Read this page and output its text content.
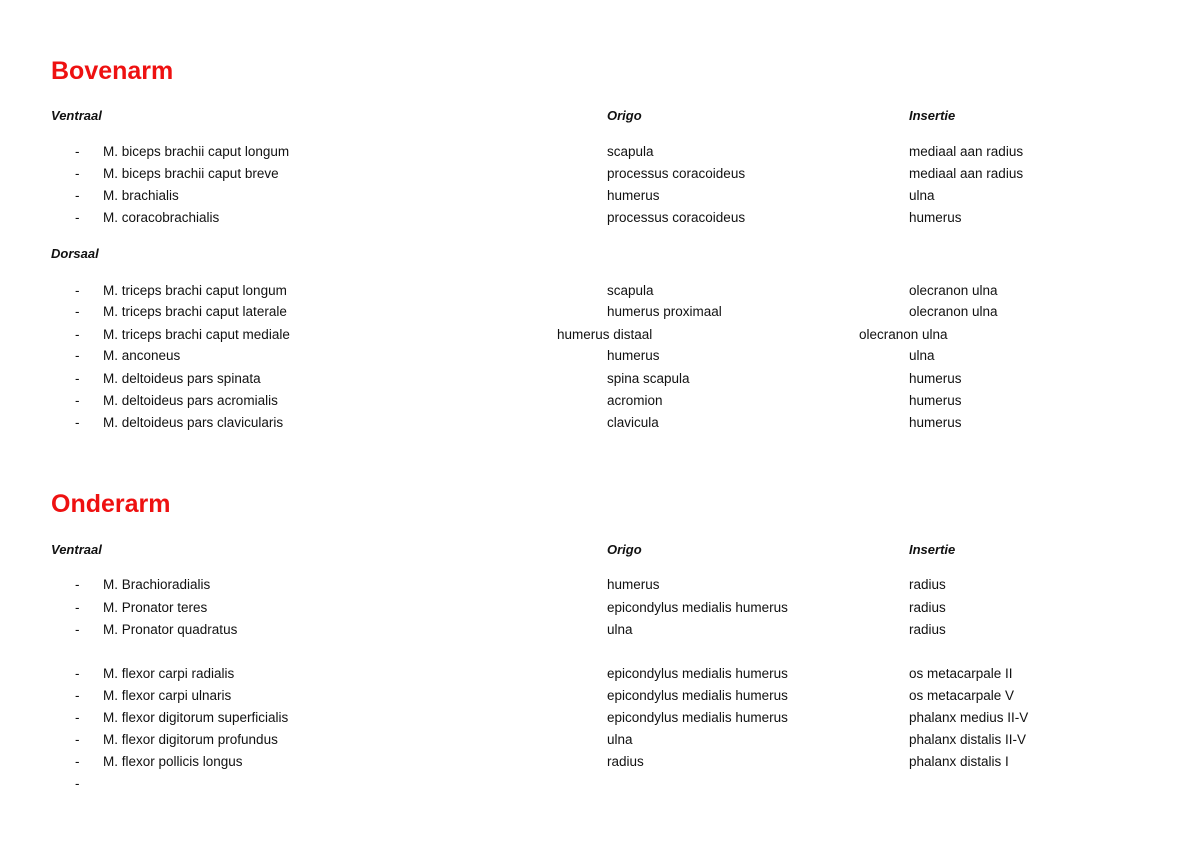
Bovenarm
Ventraal	Origo	Insertie
- M. biceps brachii caput longum	scapula	mediaal aan radius
- M. biceps brachii caput breve	processus coracoideus	mediaal aan radius
- M. brachialis	humerus	ulna
- M. coracobrachialis	processus coracoideus	humerus
Dorsaal
- M. triceps brachi caput longum	scapula	olecranon ulna
- M. triceps brachi caput laterale	humerus proximaal	olecranon ulna
- M. triceps brachi caput mediale	humerus distaal	olecranon ulna
- M. anconeus	humerus	ulna
- M. deltoideus pars spinata	spina scapula	humerus
- M. deltoideus pars acromialis	acromion	humerus
- M. deltoideus pars clavicularis	clavicula	humerus
Onderarm
Ventraal	Origo	Insertie
- M. Brachioradialis	humerus	radius
- M. Pronator teres	epicondylus medialis humerus	radius
- M. Pronator quadratus	ulna	radius
- M. flexor carpi radialis	epicondylus medialis humerus	os metacarpale II
- M. flexor carpi ulnaris	epicondylus medialis humerus	os metacarpale V
- M. flexor digitorum superficialis	epicondylus medialis humerus	phalanx medius II-V
- M. flexor digitorum profundus	ulna	phalanx distalis II-V
- M. flexor pollicis longus	radius	phalanx distalis I
-
